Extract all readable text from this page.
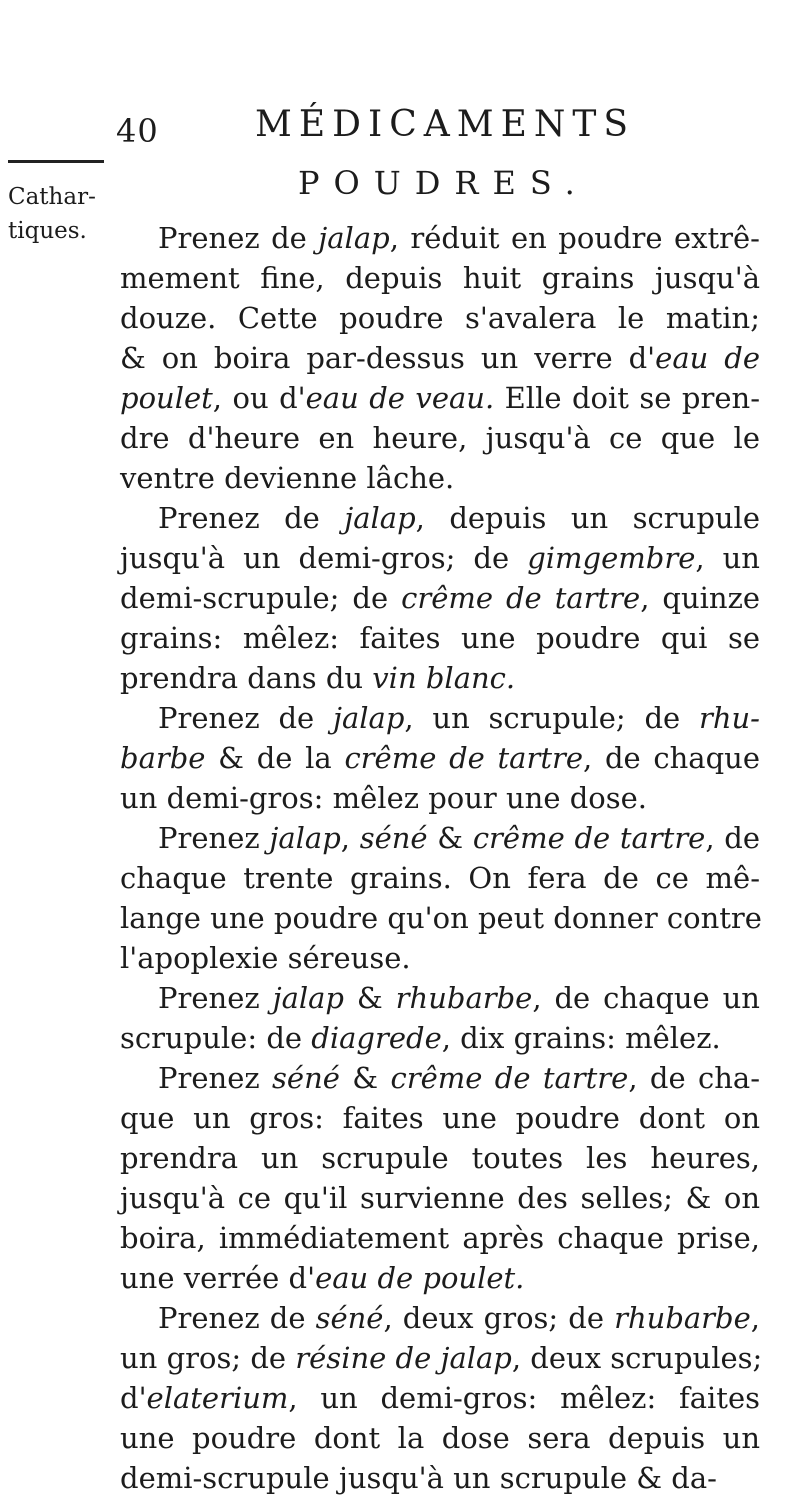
40	MÉDICAMENTS
Cathar-
tiques.
POUDRES.

Prenez de jalap, réduit en poudre extrê-
mement fine, depuis huit grains jusqu'à
douze. Cette poudre s'avalera le matin;
& on boira par-dessus un verre d'eau de
poulet, ou d'eau de veau. Elle doit se pren-
dre d'heure en heure, jusqu'à ce que le
ventre devienne lâche.

Prenez de jalap, depuis un scrupule
jusqu'à un demi-gros; de gimgembre, un
demi-scrupule; de crême de tartre, quinze
grains: mêlez: faites une poudre qui se
prendra dans du vin blanc.

Prenez de jalap, un scrupule; de rhu-
barbe & de la crême de tartre, de chaque
un demi-gros: mêlez pour une dose.

Prenez jalap, séné & crême de tartre, de
chaque trente grains. On fera de ce mê-
lange une poudre qu'on peut donner contre
l'apoplexie séreuse.

Prenez jalap & rhubarbe, de chaque un
scrupule: de diagrede, dix grains: mêlez.

Prenez séné & crême de tartre, de cha-
que un gros: faites une poudre dont on
prendra un scrupule toutes les heures,
jusqu'à ce qu'il survienne des selles; & on
boira, immédiatement après chaque prise,
une verrée d'eau de poulet.

Prenez de séné, deux gros; de rhubarbe,
un gros; de résine de jalap, deux scrupules;
d'elaterium, un demi-gros: mêlez: faites
une poudre dont la dose sera depuis un
demi-scrupule jusqu'à un scrupule & da-
